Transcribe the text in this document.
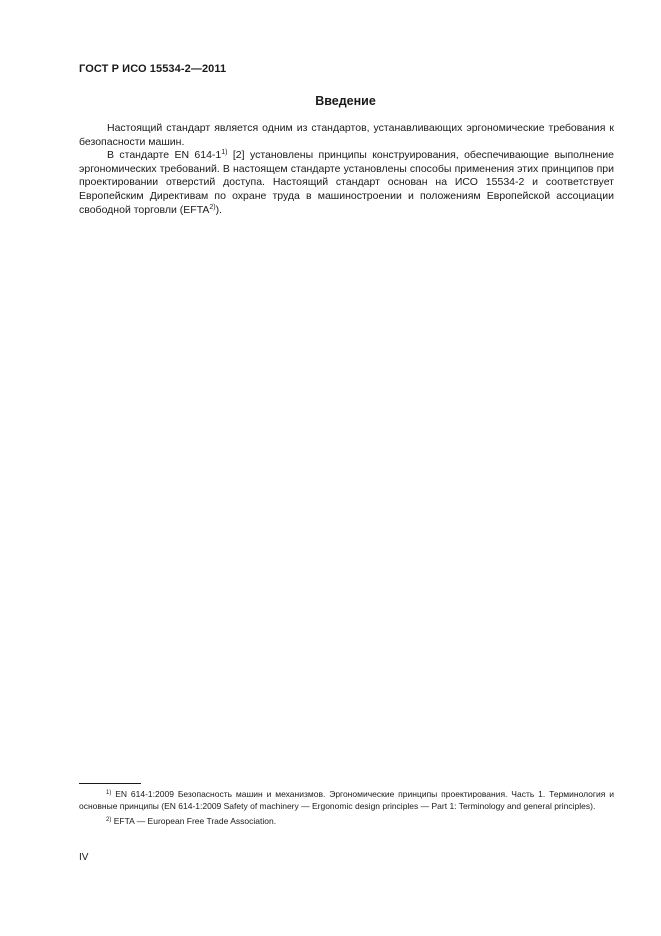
ГОСТ Р ИСО 15534-2—2011
Введение

Настоящий стандарт является одним из стандартов, устанавливающих эргономические требования к безопасности машин.

В стандарте EN 614-1$^{1)}$ [2] установлены принципы конструирования, обеспечивающие выполнение эргономических требований. В настоящем стандарте установлены способы применения этих принципов при проектировании отверстий доступа. Настоящий стандарт основан на ИСО 15534-2 и соответствует Европейским Директивам по охране труда в машиностроении и положениям Европейской ассоциации свободной торговли (EFTA$^{2)}$).

$^{1)}$ EN 614-1:2009 Безопасность машин и механизмов. Эргономические принципы проектирования. Часть 1. Терминология и основные принципы (EN 614-1:2009 Safety of machinery — Ergonomic design principles — Part 1: Terminology and general principles).

$^{2)}$ EFTA — European Free Trade Association.

IV
